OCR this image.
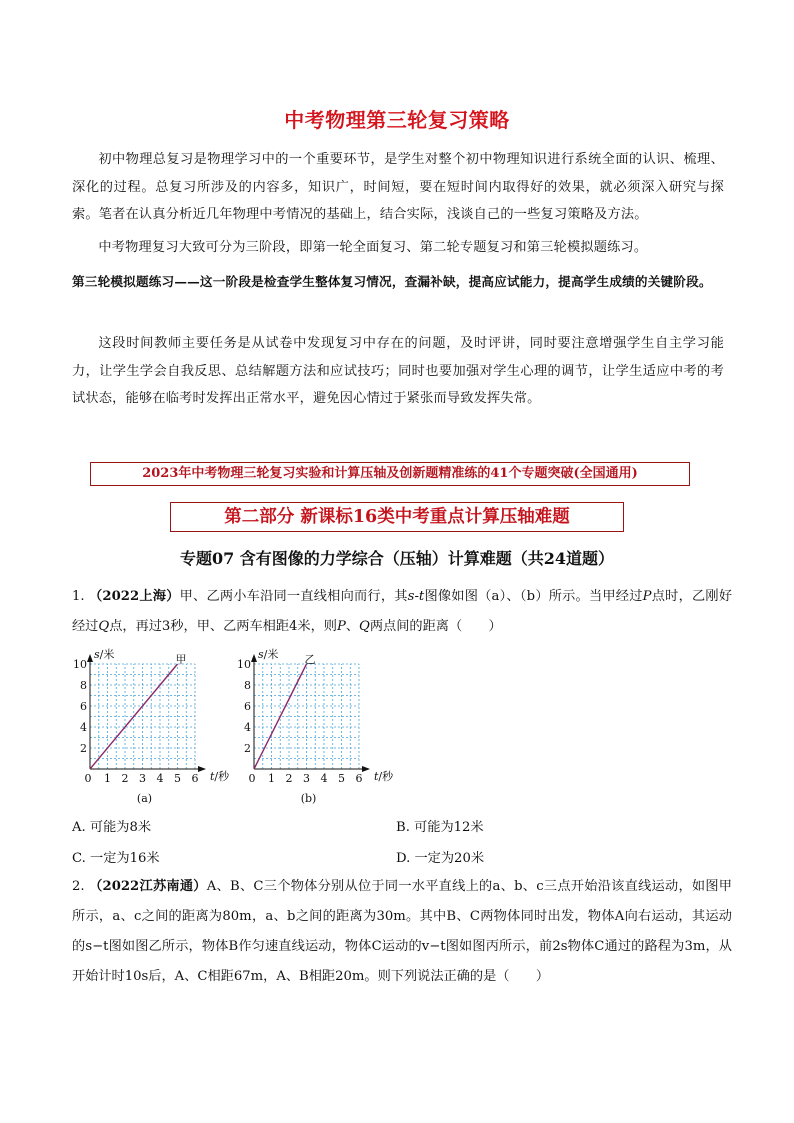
中考物理第三轮复习策略
初中物理总复习是物理学习中的一个重要环节，是学生对整个初中物理知识进行系统全面的认识、梳理、深化的过程。总复习所涉及的内容多，知识广，时间短，要在短时间内取得好的效果，就必须深入研究与探索。笔者在认真分析近几年物理中考情况的基础上，结合实际，浅谈自己的一些复习策略及方法。
中考物理复习大致可分为三阶段，即第一轮全面复习、第二轮专题复习和第三轮模拟题练习。
第三轮模拟题练习——这一阶段是检查学生整体复习情况，查漏补缺，提高应试能力，提高学生成绩的关键阶段。
这段时间教师主要任务是从试卷中发现复习中存在的问题，及时评讲，同时要注意增强学生自主学习能力，让学生学会自我反思、总结解题方法和应试技巧；同时也要加强对学生心理的调节，让学生适应中考的考试状态，能够在临考时发挥出正常水平，避免因心情过于紧张而导致发挥失常。
2023年中考物理三轮复习实验和计算压轴及创新题精准练的41个专题突破(全国通用)
第二部分 新课标16类中考重点计算压轴难题
专题07 含有图像的力学综合（压轴）计算难题（共24道题）
1. （2022上海）甲、乙两小车沿同一直线相向而行，其s-t图像如图（a）、（b）所示。当甲经过P点时，乙刚好经过Q点，再过3秒，甲、乙两车相距4米，则P、Q两点间的距离（　　）
2
4
6
8
10
0 1 2 3 4 5 6
s/米
t/秒
甲
(a)
2
4
6
8
10
0 1 2 3 4 5 6
s/米
t/秒
乙
(b)
A. 可能为8米	B. 可能为12米
C. 一定为16米	D. 一定为20米
2. （2022江苏南通）A、B、C三个物体分别从位于同一水平直线上的a、b、c三点开始沿该直线运动，如图甲所示，a、c之间的距离为80m，a、b之间的距离为30m。其中B、C两物体同时出发，物体A向右运动，其运动的s−t图如图乙所示，物体B作匀速直线运动，物体C运动的v−t图如图丙所示，前2s物体C通过的路程为3m，从开始计时10s后，A、C相距67m，A、B相距20m。则下列说法正确的是（　　）
